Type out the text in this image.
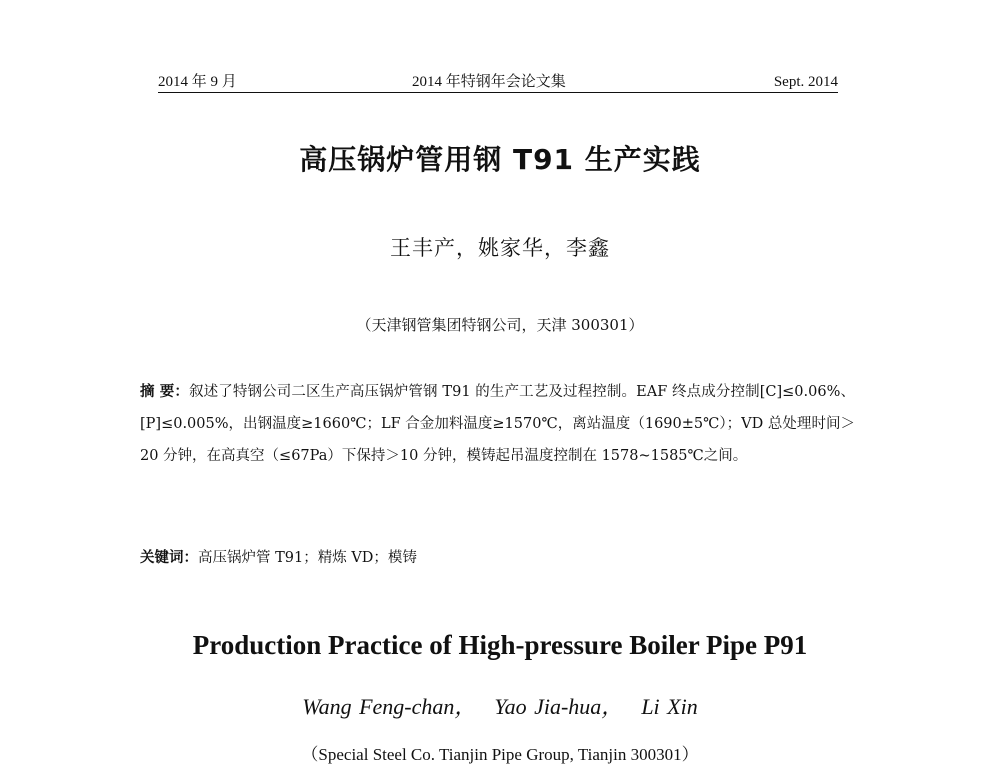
2014 年 9 月	2014 年特钢年会论文集	Sept. 2014
高压锅炉管用钢 T91 生产实践
王丰产，姚家华，李鑫
（天津钢管集团特钢公司，天津 300301）
摘 要：叙述了特钢公司二区生产高压锅炉管钢 T91 的生产工艺及过程控制。EAF 终点成分控制[C]≤0.06%、[P]≤0.005%，出钢温度≥1660℃；LF 合金加料温度≥1570℃，离站温度（1690±5℃）；VD 总处理时间＞20 分钟，在高真空（≤67Pa）下保持＞10 分钟，模铸起吊温度控制在 1578~1585℃之间。
关键词：高压锅炉管 T91；精炼 VD；模铸
Production Practice of High-pressure Boiler Pipe P91
Wang Feng-chan， Yao Jia-hua， Li Xin
（Special Steel Co. Tianjin Pipe Group, Tianjin 300301）
